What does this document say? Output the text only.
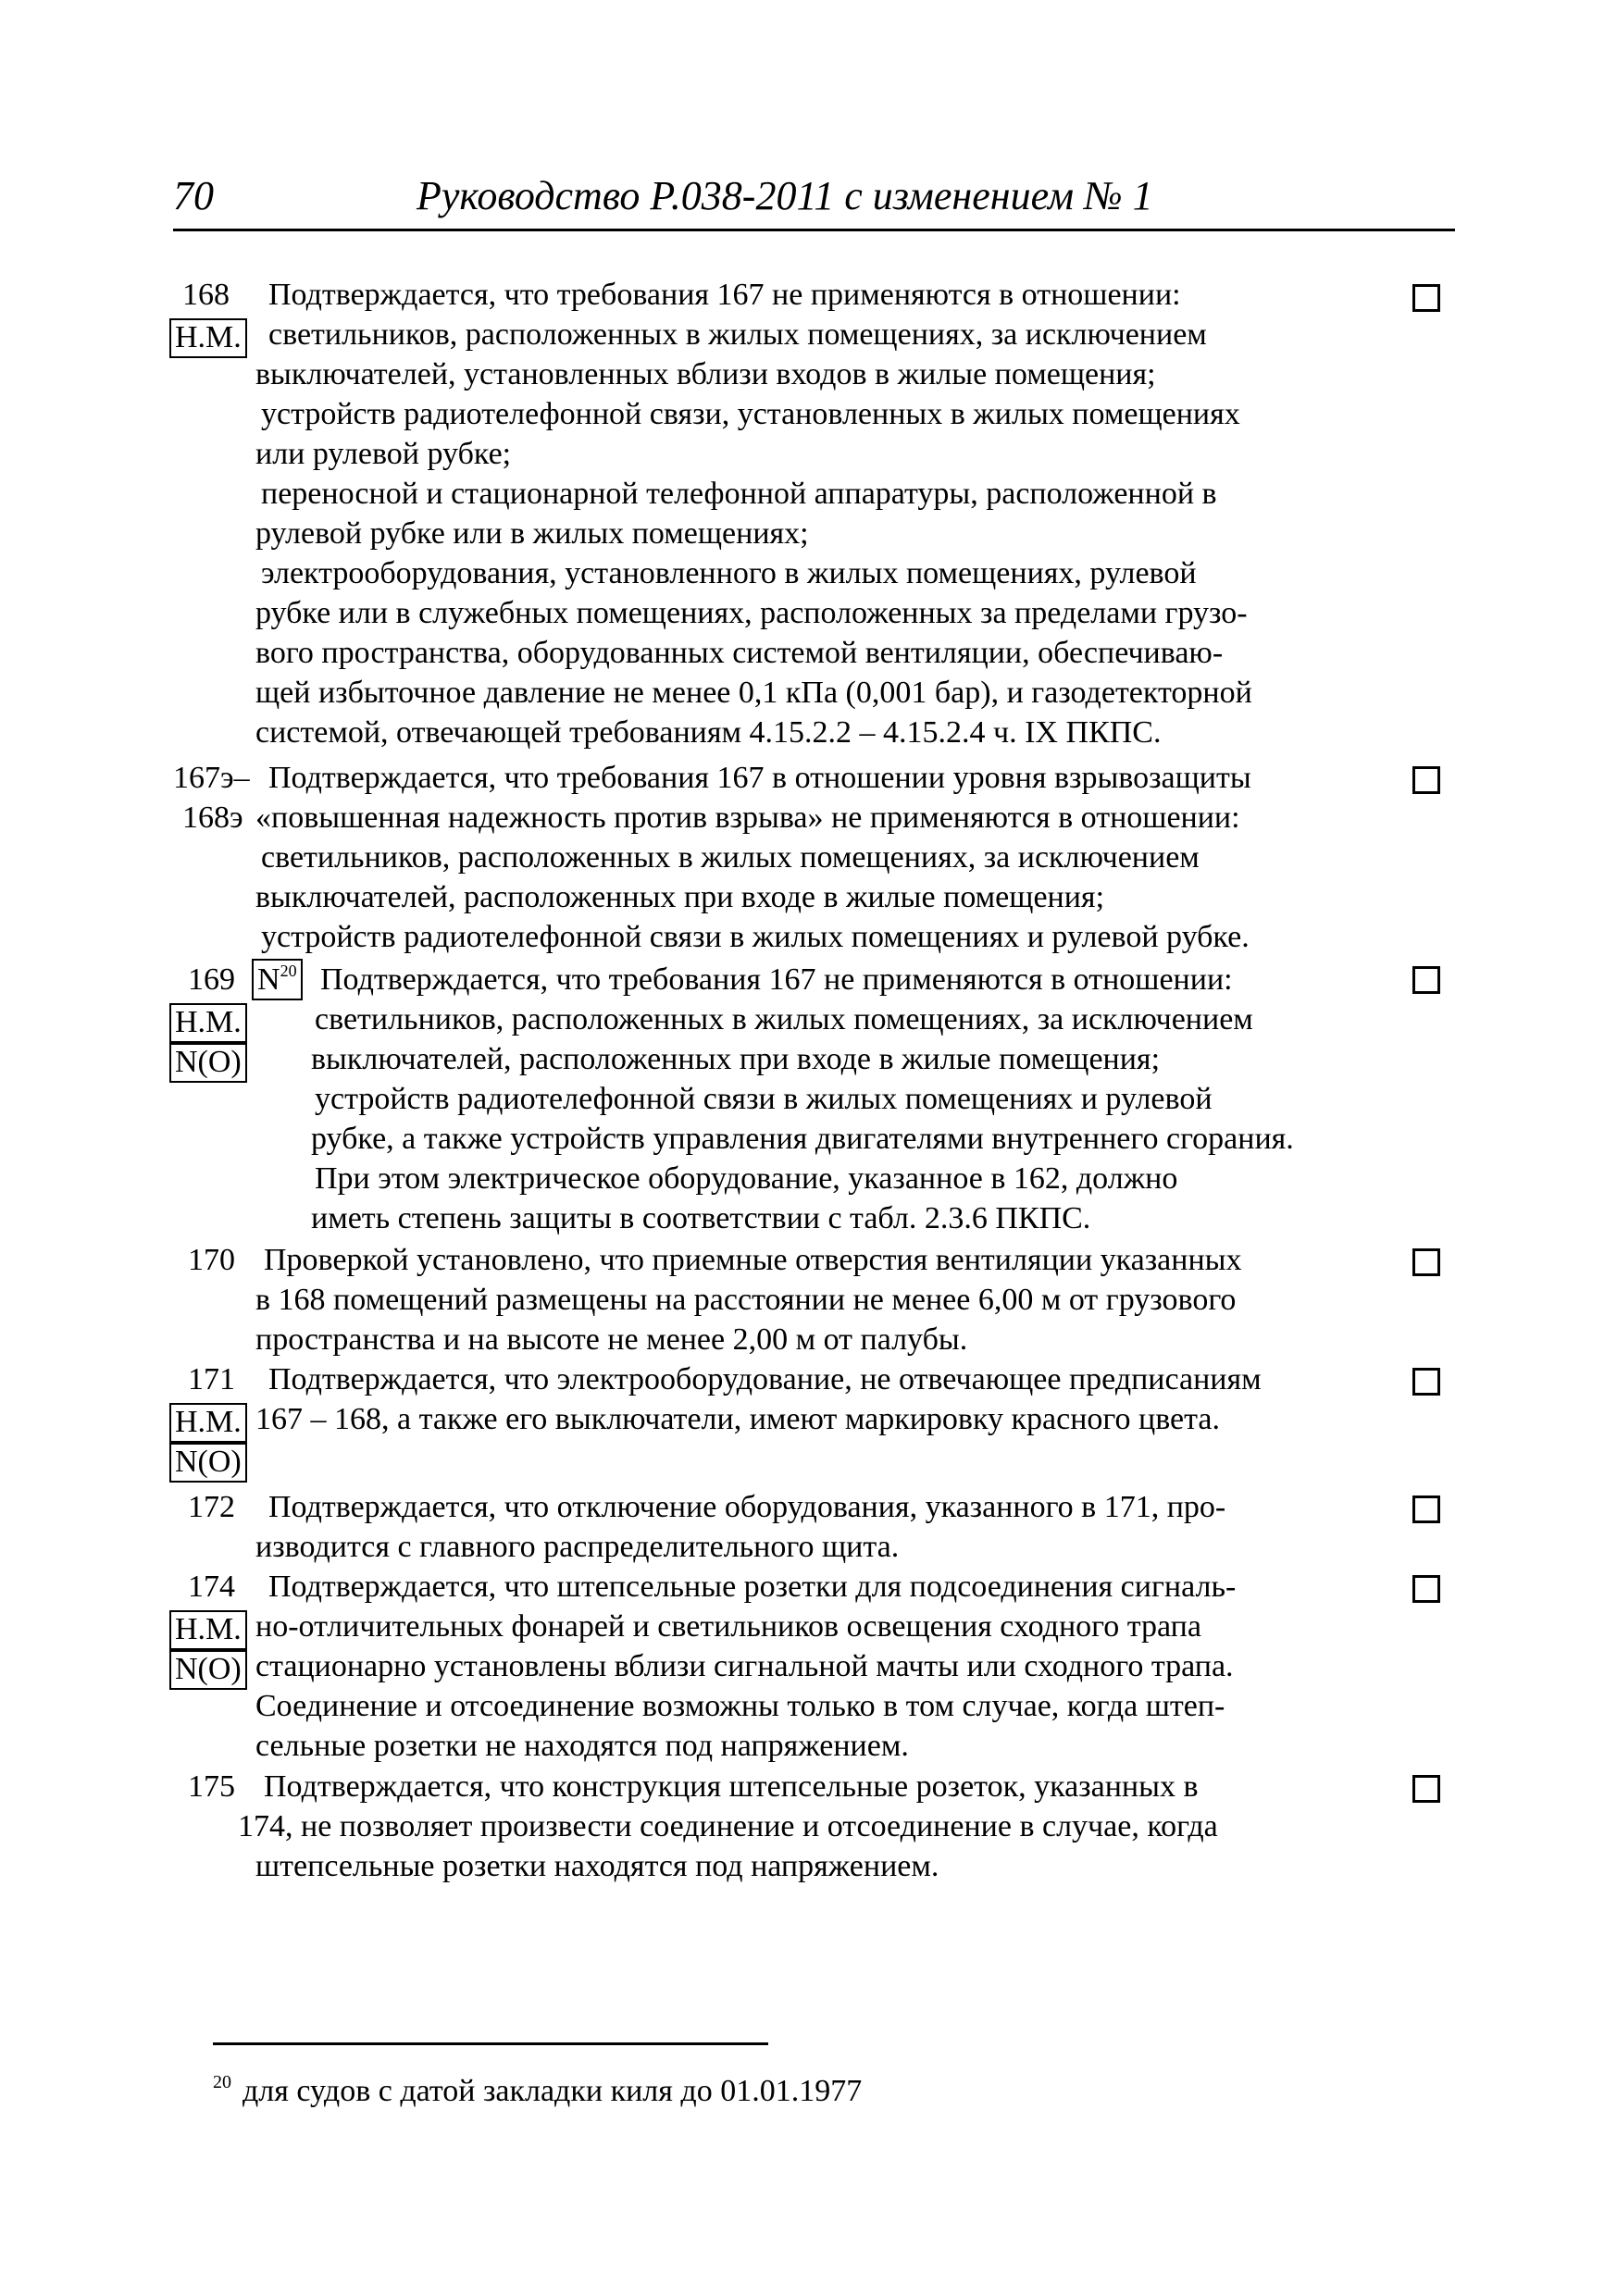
70	Руководство Р.038-2011 с изменением № 1
168
Н.М.
Подтверждается, что требования 167 не применяются в отношении:
светильников, расположенных в жилых помещениях, за исключением
выключателей, установленных вблизи входов в жилые помещения;
устройств радиотелефонной связи, установленных в жилых помещениях
или рулевой рубке;
переносной и стационарной телефонной аппаратуры, расположенной в
рулевой рубке или в жилых помещениях;
электрооборудования, установленного в жилых помещениях, рулевой
рубке или в служебных помещениях, расположенных за пределами грузо-
вого пространства, оборудованных системой вентиляции, обеспечиваю-
щей избыточное давление не менее 0,1 кПа (0,001 бар), и газодетекторной
системой, отвечающей требованиям 4.15.2.2 – 4.15.2.4 ч. IX ПКПС.
167э–
168э
Подтверждается, что требования 167 в отношении уровня взрывозащиты
«повышенная надежность против взрыва» не применяются в отношении:
светильников, расположенных в жилых помещениях, за исключением
выключателей, расположенных при входе в жилые помещения;
устройств радиотелефонной связи в жилых помещениях и рулевой рубке.
169 $N^{20}$
Н.М.
N(O)
Подтверждается, что требования 167 не применяются в отношении:
светильников, расположенных в жилых помещениях, за исключением
выключателей, расположенных при входе в жилые помещения;
устройств радиотелефонной связи в жилых помещениях и рулевой
рубке, а также устройств управления двигателями внутреннего сгорания.
При этом электрическое оборудование, указанное в 162, должно
иметь степень защиты в соответствии с табл. 2.3.6 ПКПС.
170 Проверкой установлено, что приемные отверстия вентиляции указанных
в 168 помещений размещены на расстоянии не менее 6,00 м от грузового
пространства и на высоте не менее 2,00 м от палубы.
171
Н.М.
N(O)
Подтверждается, что электрооборудование, не отвечающее предписаниям
167 – 168, а также его выключатели, имеют маркировку красного цвета.
172 Подтверждается, что отключение оборудования, указанного в 171, про-
изводится с главного распределительного щита.
174
Н.М.
N(O)
Подтверждается, что штепсельные розетки для подсоединения сигналь-
но-отличительных фонарей и светильников освещения сходного трапа
стационарно установлены вблизи сигнальной мачты или сходного трапа.
Соединение и отсоединение возможны только в том случае, когда штеп-
сельные розетки не находятся под напряжением.
175 Подтверждается, что конструкция штепсельные розеток, указанных в
174, не позволяет произвести соединение и отсоединение в случае, когда
штепсельные розетки находятся под напряжением.
$^{20}$ для судов с датой закладки киля до 01.01.1977
